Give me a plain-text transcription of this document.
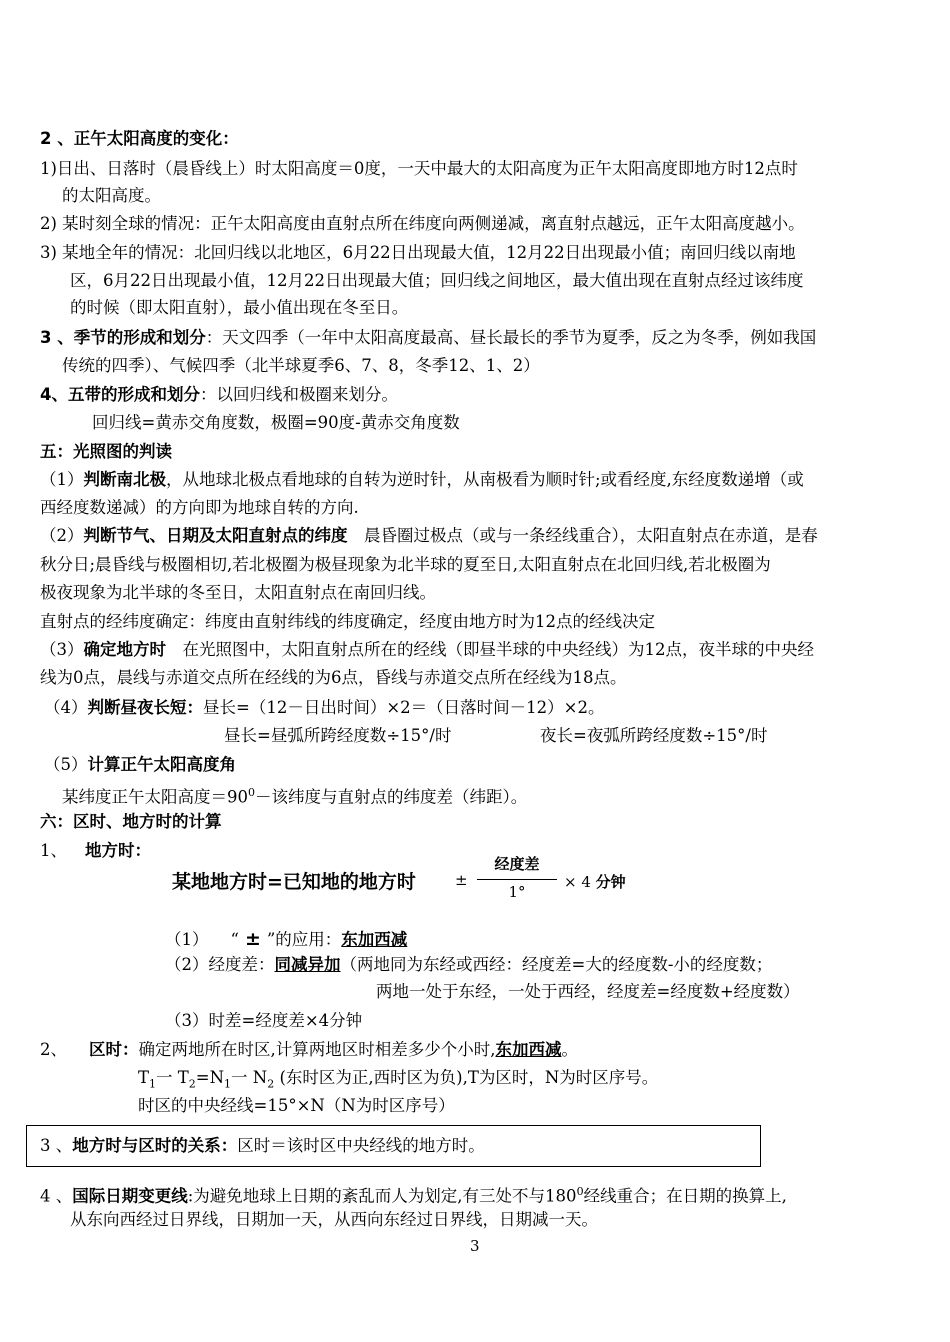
2 、正午太阳高度的变化：
1)日出、日落时（晨昏线上）时太阳高度＝0度，一天中最大的太阳高度为正午太阳高度即地方时12点时
的太阳高度。
2) 某时刻全球的情况：正午太阳高度由直射点所在纬度向两侧递减，离直射点越远，正午太阳高度越小。
3) 某地全年的情况：北回归线以北地区，6月22日出现最大值，12月22日出现最小值；南回归线以南地
区，6月22日出现最小值，12月22日出现最大值；回归线之间地区，最大值出现在直射点经过该纬度
的时候（即太阳直射），最小值出现在冬至日。
3 、季节的形成和划分：天文四季（一年中太阳高度最高、昼长最长的季节为夏季，反之为冬季，例如我国
传统的四季）、气候四季（北半球夏季6、7、8，冬季12、1、2）
4、五带的形成和划分：以回归线和极圈来划分。
回归线=黄赤交角度数，极圈=90度-黄赤交角度数
五：光照图的判读
（1）判断南北极，从地球北极点看地球的自转为逆时针，从南极看为顺时针;或看经度,东经度数递增（或
西经度数递减）的方向即为地球自转的方向.
（2）判断节气、日期及太阳直射点的纬度　晨昏圈过极点（或与一条经线重合），太阳直射点在赤道，是春
秋分日;晨昏线与极圈相切,若北极圈为极昼现象为北半球的夏至日,太阳直射点在北回归线,若北极圈为
极夜现象为北半球的冬至日，太阳直射点在南回归线。
直射点的经纬度确定：纬度由直射纬线的纬度确定，经度由地方时为12点的经线决定
（3）确定地方时　在光照图中，太阳直射点所在的经线（即昼半球的中央经线）为12点，夜半球的中央经
线为0点，晨线与赤道交点所在经线的为6点，昏线与赤道交点所在经线为18点。
（4）判断昼夜长短：昼长=（12－日出时间）×2＝（日落时间－12）×2。
昼长=昼弧所跨经度数÷15°/时	夜长=夜弧所跨经度数÷15°/时
（5）计算正午太阳高度角
某纬度正午太阳高度$=90^0-$该纬度与直射点的纬度差（纬距）。
六：区时、地方时的计算
1、 地方时：
某地地方时=已知地的地方时	±
经度差
1°
× 4 分钟
（1） “ ± ”的应用：东加西减
（2）经度差：同减异加（两地同为东经或西经：经度差=大的经度数-小的经度数；
两地一处于东经，一处于西经，经度差=经度数+经度数）
（3）时差=经度差×4分钟
2、 区时：确定两地所在时区,计算两地区时相差多少个小时,东加西减。
$T_1$一 $T_2=N_1$一 $N_2$ (东时区为正,西时区为负),T为区时，N为时区序号。
时区的中央经线=15°×N（N为时区序号）
3 、地方时与区时的关系：区时＝该时区中央经线的地方时。
4 、国际日期变更线:为避免地球上日期的紊乱而人为划定,有三处不与$180^0$经线重合；在日期的换算上,
从东向西经过日界线，日期加一天，从西向东经过日界线，日期减一天。
3
